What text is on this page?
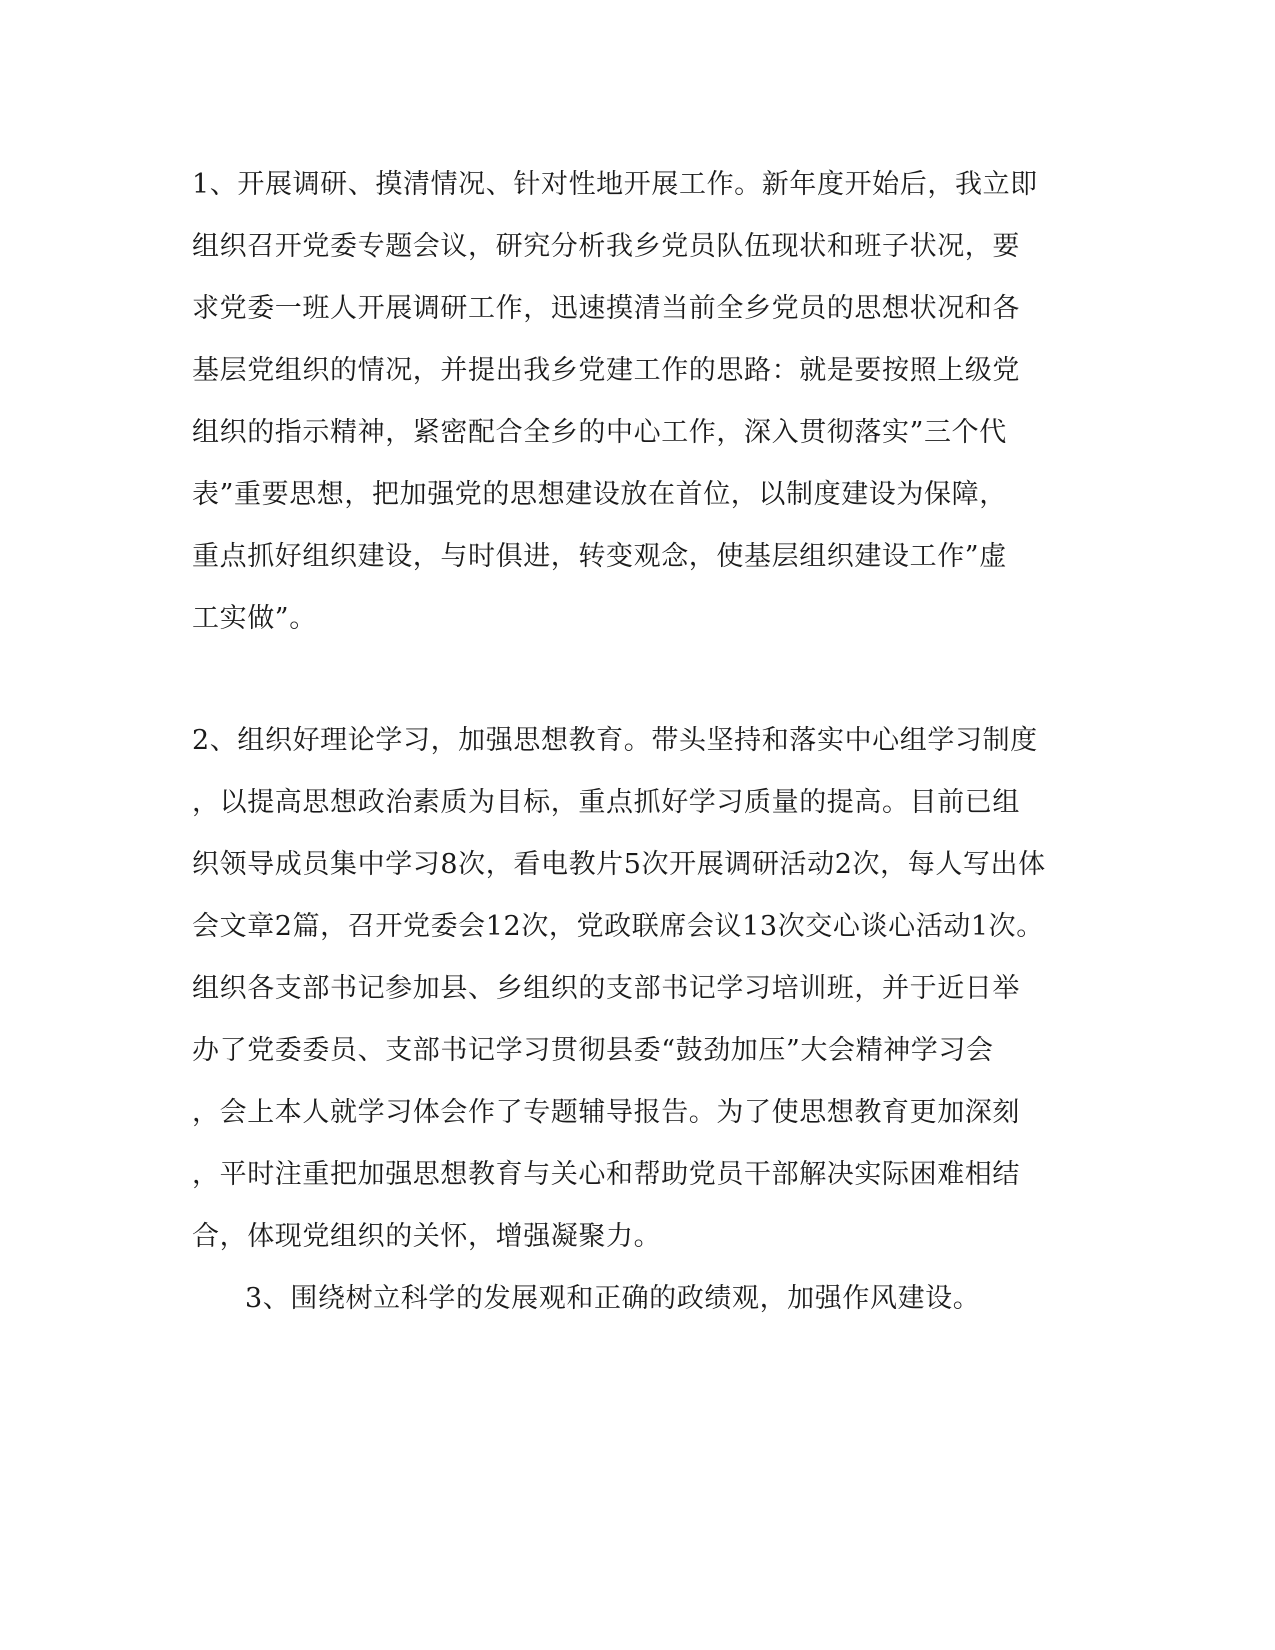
1、开展调研、摸清情况、针对性地开展工作。新年度开始后，我立即
组织召开党委专题会议，研究分析我乡党员队伍现状和班子状况，要
求党委一班人开展调研工作，迅速摸清当前全乡党员的思想状况和各
基层党组织的情况，并提出我乡党建工作的思路：就是要按照上级党
组织的指示精神，紧密配合全乡的中心工作，深入贯彻落实”三个代
表”重要思想，把加强党的思想建设放在首位，以制度建设为保障，
重点抓好组织建设，与时俱进，转变观念，使基层组织建设工作”虚
工实做”。
2、组织好理论学习，加强思想教育。带头坚持和落实中心组学习制度
，以提高思想政治素质为目标，重点抓好学习质量的提高。目前已组
织领导成员集中学习8次，看电教片5次开展调研活动2次，每人写出体
会文章2篇，召开党委会12次，党政联席会议13次交心谈心活动1次。
组织各支部书记参加县、乡组织的支部书记学习培训班，并于近日举
办了党委委员、支部书记学习贯彻县委“鼓劲加压”大会精神学习会
，会上本人就学习体会作了专题辅导报告。为了使思想教育更加深刻
，平时注重把加强思想教育与关心和帮助党员干部解决实际困难相结
合，体现党组织的关怀，增强凝聚力。
3、围绕树立科学的发展观和正确的政绩观，加强作风建设。
